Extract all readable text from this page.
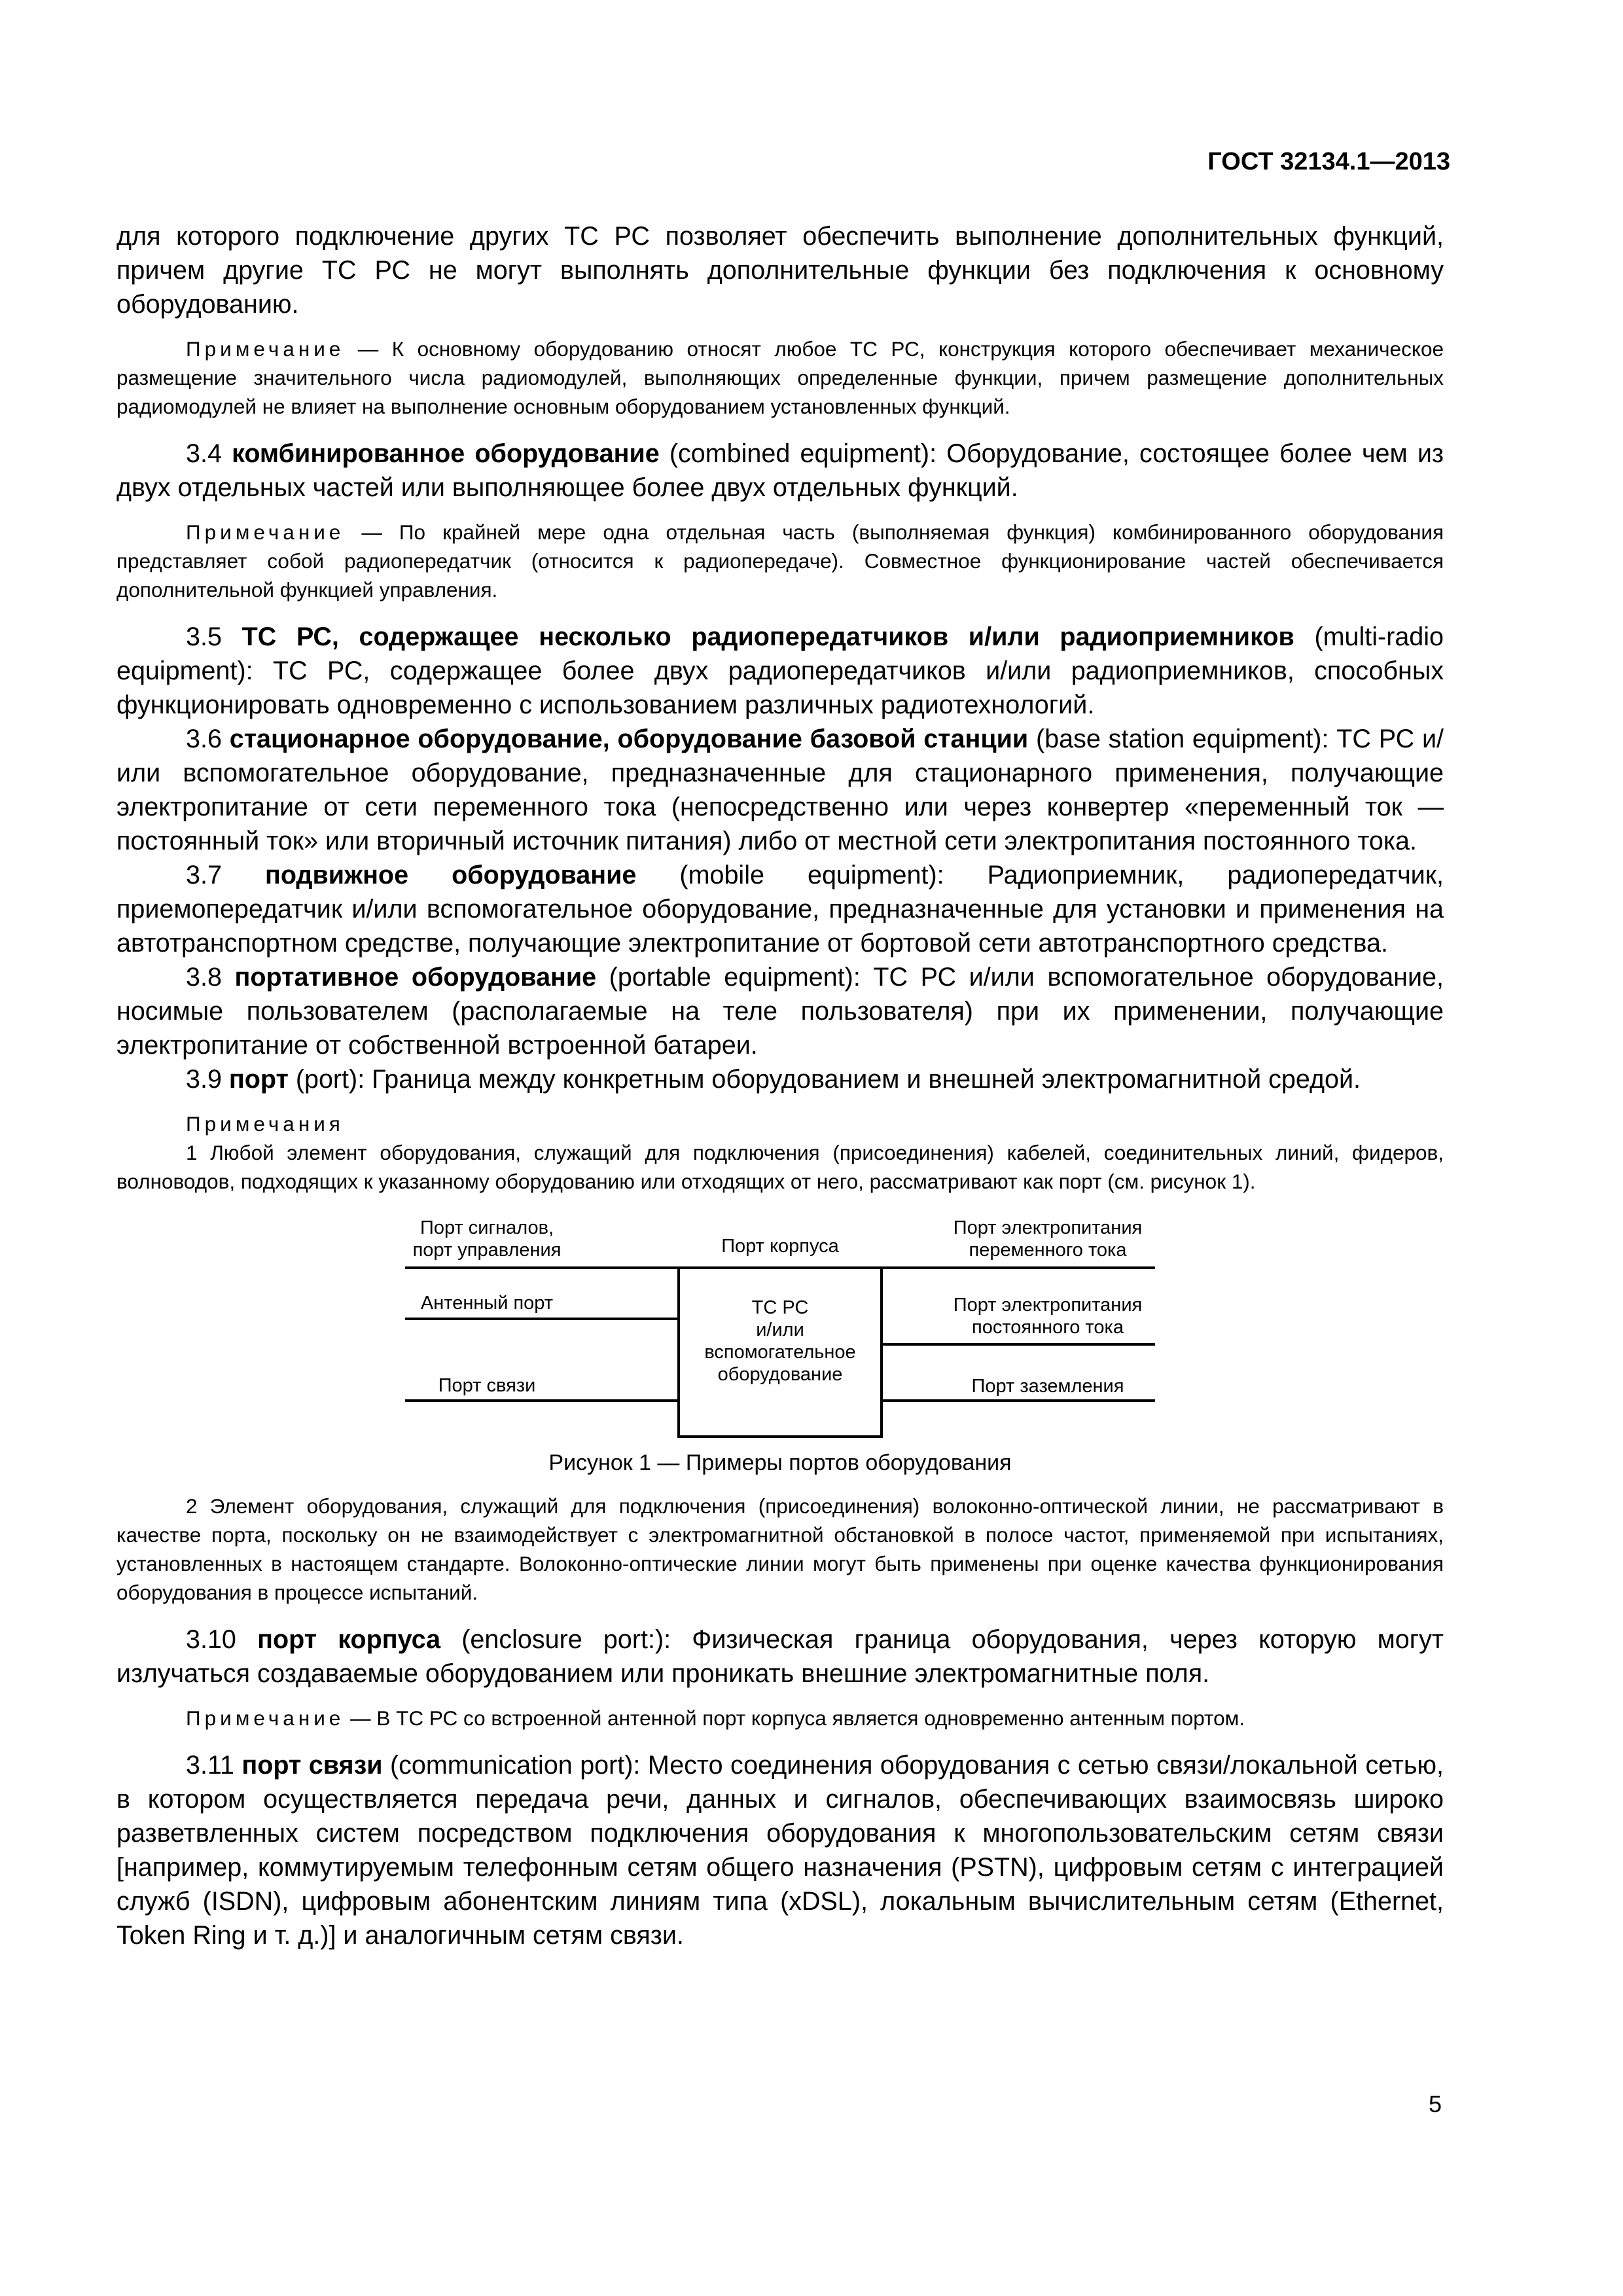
ГОСТ 32134.1—2013

для которого подключение других ТС РС позволяет обеспечить выполнение дополнительных функций, причем другие ТС РС не могут выполнять дополнительные функции без подключения к основному оборудованию.

Примечание — К основному оборудованию относят любое ТС РС, конструкция которого обеспечивает механическое размещение значительного числа радиомодулей, выполняющих определенные функции, причем размещение дополнительных радиомодулей не влияет на выполнение основным оборудованием установленных функций.

3.4 комбинированное оборудование (combined equipment): Оборудование, состоящее более чем из двух отдельных частей или выполняющее более двух отдельных функций.

Примечание — По крайней мере одна отдельная часть (выполняемая функция) комбинированного оборудования представляет собой радиопередатчик (относится к радиопередаче). Совместное функционирование частей обеспечивается дополнительной функцией управления.

3.5 ТС РС, содержащее несколько радиопередатчиков и/или радиоприемников (multi-radio equipment): ТС РС, содержащее более двух радиопередатчиков и/или радиоприемников, способных функционировать одновременно с использованием различных радиотехнологий.

3.6 стационарное оборудование, оборудование базовой станции (base station equipment): ТС РС и/или вспомогательное оборудование, предназначенные для стационарного применения, получающие электропитание от сети переменного тока (непосредственно или через конвертер «переменный ток — постоянный ток» или вторичный источник питания) либо от местной сети электропитания постоянного тока.

3.7 подвижное оборудование (mobile equipment): Радиоприемник, радиопередатчик, приемопередатчик и/или вспомогательное оборудование, предназначенные для установки и применения на автотранспортном средстве, получающие электропитание от бортовой сети автотранспортного средства.

3.8 портативное оборудование (portable equipment): ТС РС и/или вспомогательное оборудование, носимые пользователем (располагаемые на теле пользователя) при их применении, получающие электропитание от собственной встроенной батареи.

3.9 порт (port): Граница между конкретным оборудованием и внешней электромагнитной средой.

Примечания

1 Любой элемент оборудования, служащий для подключения (присоединения) кабелей, соединительных линий, фидеров, волноводов, подходящих к указанному оборудованию или отходящих от него, рассматривают как порт (см. рисунок 1).

Порт сигналов,
порт управления
Антенный порт
Порт связи
Порт корпуса
ТС РС
и/или
вспомогательное
оборудование
Порт электропитания
переменного тока
Порт электропитания
постоянного тока
Порт заземления
Рисунок 1 — Примеры портов оборудования

2 Элемент оборудования, служащий для подключения (присоединения) волоконно-оптической линии, не рассматривают в качестве порта, поскольку он не взаимодействует с электромагнитной обстановкой в полосе частот, применяемой при испытаниях, установленных в настоящем стандарте. Волоконно-оптические линии могут быть применены при оценке качества функционирования оборудования в процессе испытаний.

3.10 порт корпуса (enclosure port:): Физическая граница оборудования, через которую могут излучаться создаваемые оборудованием или проникать внешние электромагнитные поля.

Примечание — В ТС РС со встроенной антенной порт корпуса является одновременно антенным портом.

3.11 порт связи (communication port): Место соединения оборудования с сетью связи/локальной сетью, в котором осуществляется передача речи, данных и сигналов, обеспечивающих взаимосвязь широко разветвленных систем посредством подключения оборудования к многопользовательским сетям связи [например, коммутируемым телефонным сетям общего назначения (PSTN), цифровым сетям с интеграцией служб (ISDN), цифровым абонентским линиям типа (xDSL), локальным вычислительным сетям (Ethernet, Token Ring и т. д.)] и аналогичным сетям связи.

5
